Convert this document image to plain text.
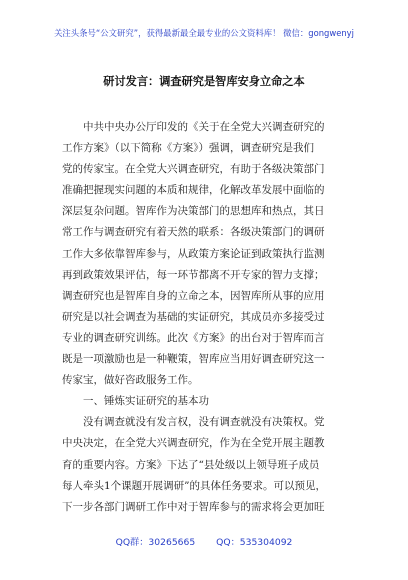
关注头条号“公文研究”，获得最新最全最专业的公文资料库！ 微信：gongwenyj
研讨发言：调查研究是智库安身立命之本
中共中央办公厅印发的《关于在全党大兴调查研究的
工作方案》（以下简称《方案》）强调，调查研究是我们
党的传家宝。在全党大兴调查研究，有助于各级决策部门
准确把握现实问题的本质和规律，化解改革发展中面临的
深层复杂问题。智库作为决策部门的思想库和热点，其日
常工作与调查研究有着天然的联系：各级决策部门的调研
工作大多依靠智库参与，从政策方案论证到政策执行监测
再到政策效果评估，每一环节都离不开专家的智力支撑；
调查研究也是智库自身的立命之本，因智库所从事的应用
研究是以社会调查为基础的实证研究，其成员亦多接受过
专业的调查研究训练。此次《方案》的出台对于智库而言
既是一项激励也是一种鞭策，智库应当用好调查研究这一
传家宝，做好咨政服务工作。
一、锤炼实证研究的基本功
没有调查就没有发言权，没有调查就没有决策权。党
中央决定，在全党大兴调查研究，作为在全党开展主题教
育的重要内容。方案》下达了“县处级以上领导班子成员
每人牵头1个课题开展调研”的具体任务要求。可以预见，
下一步各部门调研工作中对于智库参与的需求将会更加旺
QQ群：30265665 QQ：535304092
